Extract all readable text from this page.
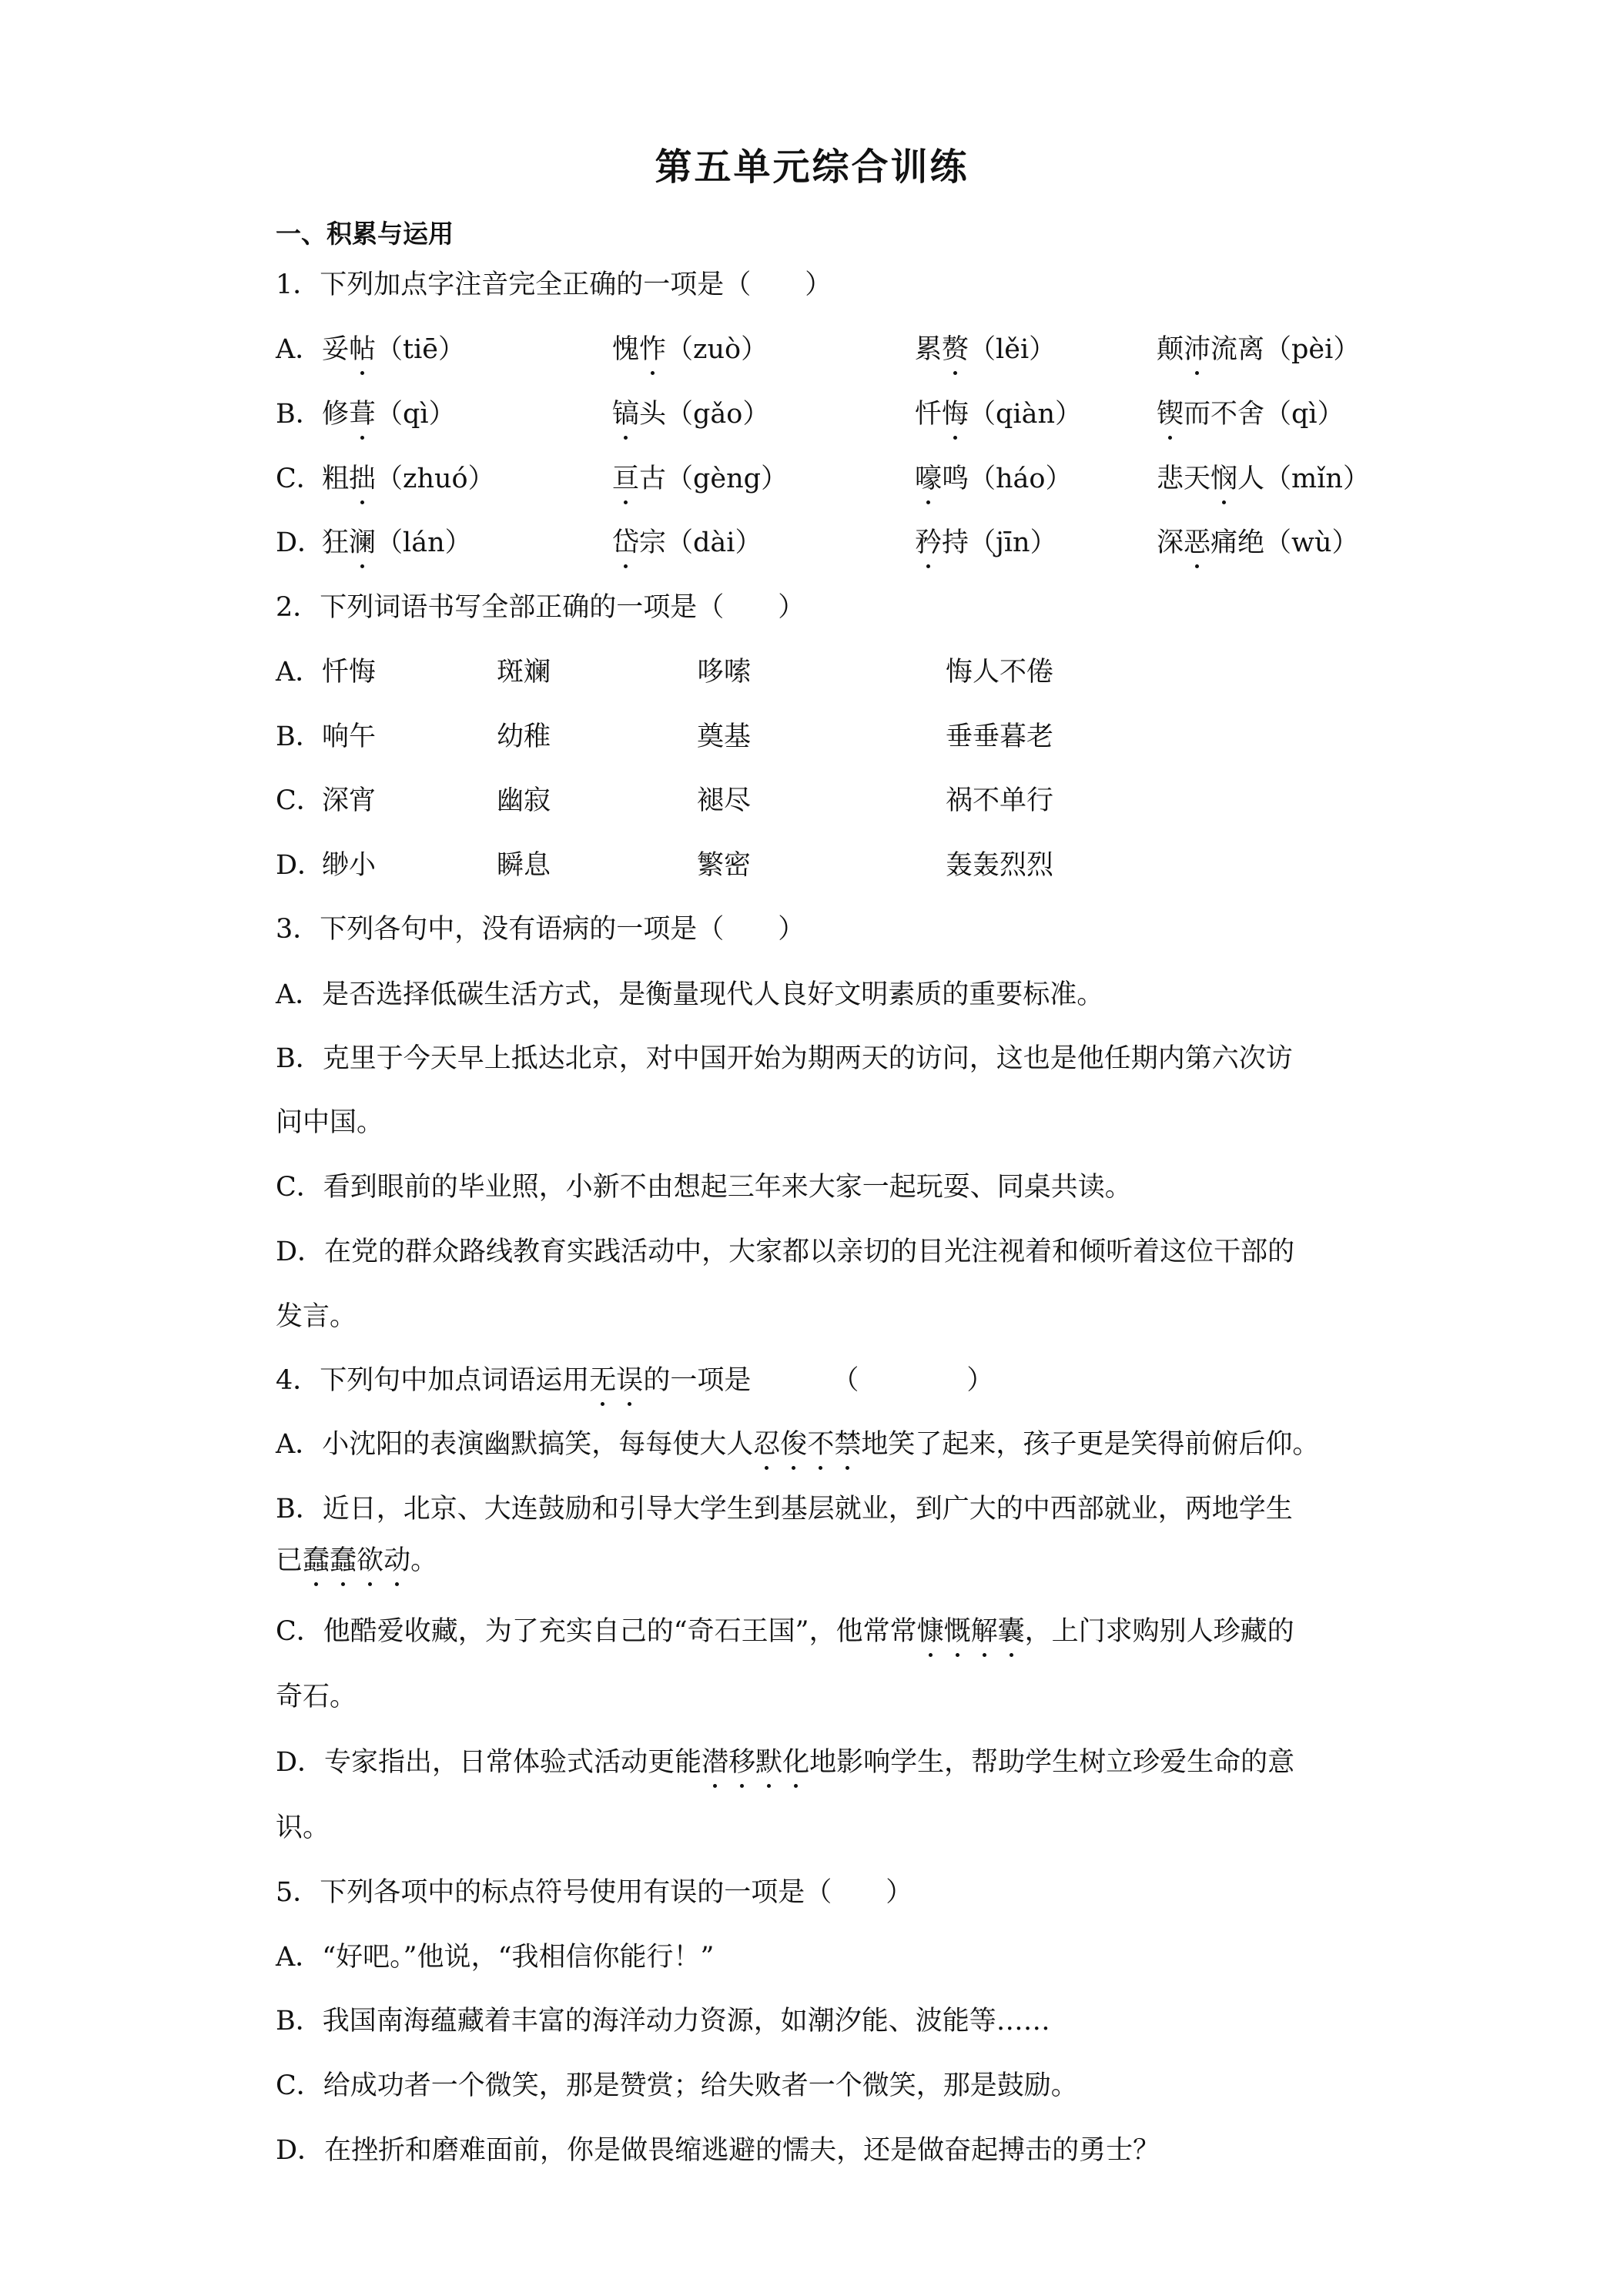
第五单元综合训练
一、积累与运用
1．下列加点字注音完全正确的一项是（　　）
A． 妥帖（tiē）	愧怍（zuò）	累赘（lěi）	颠沛流离（pèi）
B． 修葺（qì）	镐头（gǎo）	忏悔（qiàn）	锲而不舍（qì）
C．
粗拙（zhuó）	亘古（gèng）	嚎鸣（háo）	悲天悯人（mǐn）
D．
狂澜（lán）	岱宗（dài）	矜持（jīn）	深恶痛绝（wù）
2．下列词语书写全部正确的一项是（　　）
A． 忏悔	斑斓	哆嗦	悔人不倦
B． 响午	幼稚	奠基	垂垂暮老
C．
深宵	幽寂	褪尽	祸不单行
D．
缈小	瞬息	繁密	轰轰烈烈
3．下列各句中，没有语病的一项是（　　）
A．是否选择低碳生活方式，是衡量现代人良好文明素质的重要标准。
B．克里于今天早上抵达北京，对中国开始为期两天的访问，这也是他任期内第六次访
问中国。
C．看到眼前的毕业照，小新不由想起三年来大家一起玩耍、同桌共读。
D．在党的群众路线教育实践活动中，大家都以亲切的目光注视着和倾听着这位干部的
发言。
4．下列句中加点词语运用无误的一项是	（　　　　）
A．小沈阳的表演幽默搞笑，每每使大人忍俊不禁地笑了起来，孩子更是笑得前俯后仰。
B．近日，北京、大连鼓励和引导大学生到基层就业，到广大的中西部就业，两地学生
已蠢蠢欲动。
C．他酷爱收藏，为了充实自己的“奇石王国”，他常常慷慨解囊，上门求购别人珍藏的
奇石。
D．专家指出，日常体验式活动更能潜移默化地影响学生，帮助学生树立珍爱生命的意
识。
5．下列各项中的标点符号使用有误的一项是（　　）
A．“好吧。”他说，“我相信你能行！”
B．我国南海蕴藏着丰富的海洋动力资源，如潮汐能、波能等……
C．给成功者一个微笑，那是赞赏；给失败者一个微笑，那是鼓励。
D．在挫折和磨难面前，你是做畏缩逃避的懦夫，还是做奋起搏击的勇士？
